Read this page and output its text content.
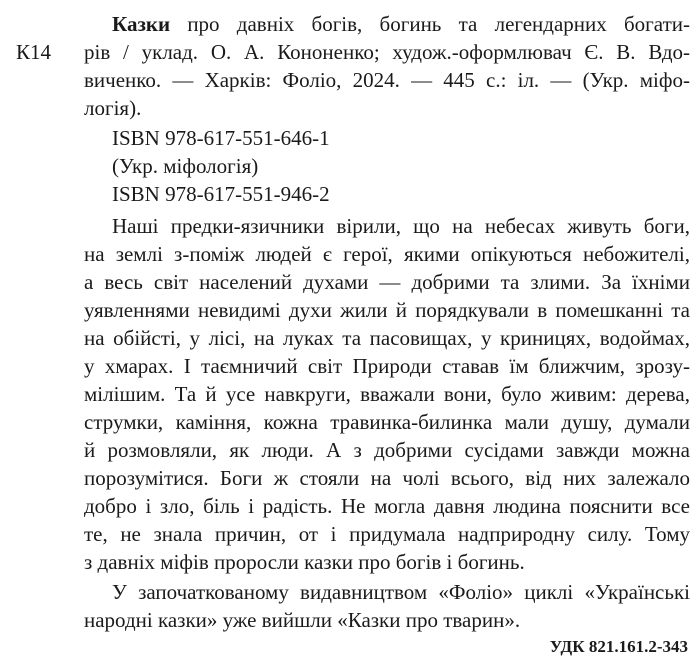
К14
Казки про давніх богів, богинь та легендарних богати-
рів / уклад. О. А. Кононенко; худож.-оформлювач Є. В. Вдо-
виченко. — Харків: Фоліо, 2024. — 445 с.: іл. — (Укр. міфо-
логія).
ISBN 978-617-551-646-1
(Укр. міфологія)
ISBN 978-617-551-946-2
Наші предки-язичники вірили, що на небесах живуть боги,
на землі з-поміж людей є герої, якими опікуються небожителі,
а весь світ населений духами — добрими та злими. За їхніми
уявленнями невидимі духи жили й порядкували в помешканні та
на обійсті, у лісі, на луках та пасовищах, у криницях, водоймах,
у хмарах. І таємничий світ Природи ставав їм ближчим, зрозу-
мілішим. Та й усе навкруги, вважали вони, було живим: дерева,
струмки, каміння, кожна травинка-билинка мали душу, думали
й розмовляли, як люди. А з добрими сусідами завжди можна
порозумітися. Боги ж стояли на чолі всього, від них залежало
добро і зло, біль і радість. Не могла давня людина пояснити все
те, не знала причин, от і придумала надприродну силу. Тому
з давніх міфів проросли казки про богів і богинь.
У започаткованому видавництвом «Фоліо» циклі «Українські
народні казки» уже вийшли «Казки про тварин».
УДК 821.161.2-343
